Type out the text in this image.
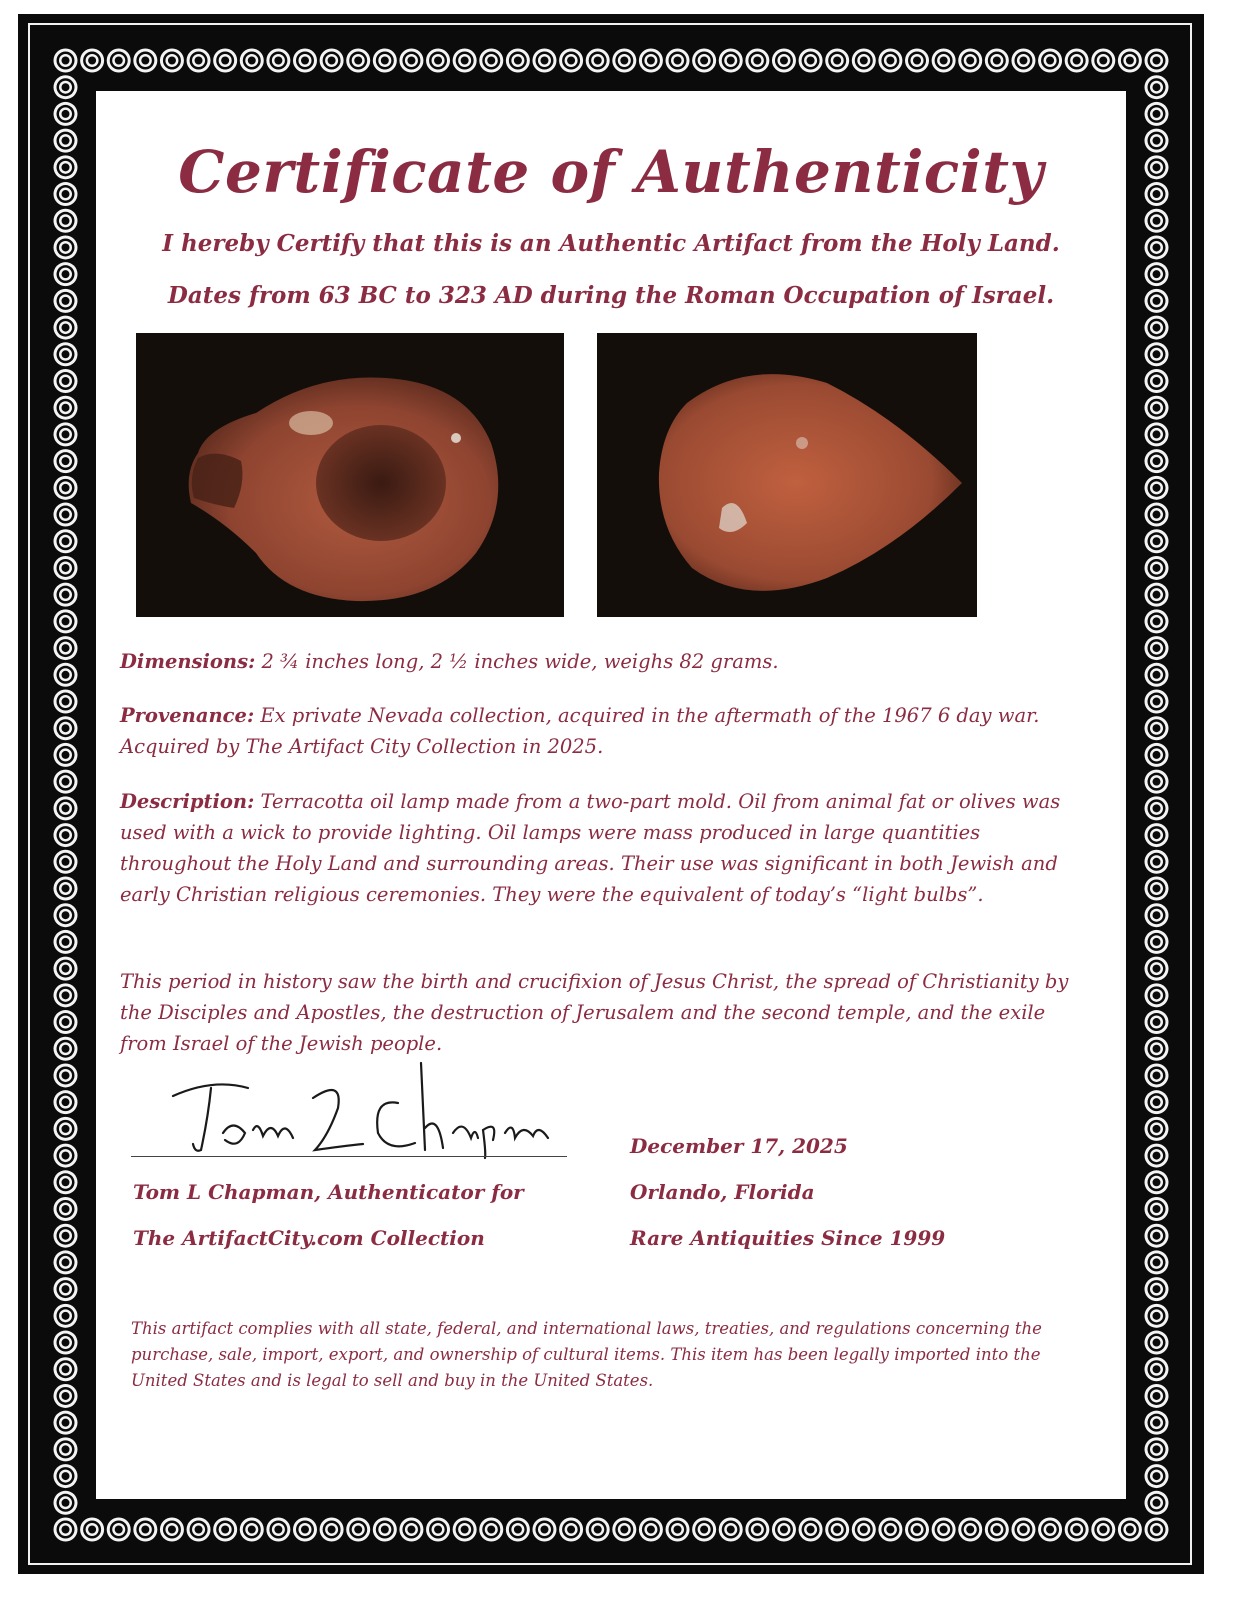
Certificate of Authenticity
I hereby Certify that this is an Authentic Artifact from the Holy Land.
Dates from 63 BC to 323 AD during the Roman Occupation of Israel.
Dimensions: 2 ¾ inches long, 2 ½ inches wide, weighs 82 grams.
Provenance: Ex private Nevada collection, acquired in the aftermath of the 1967 6 day war. Acquired by The Artifact City Collection in 2025.
Description: Terracotta oil lamp made from a two-part mold. Oil from animal fat or olives was used with a wick to provide lighting. Oil lamps were mass produced in large quantities throughout the Holy Land and surrounding areas. Their use was significant in both Jewish and early Christian religious ceremonies. They were the equivalent of today’s “light bulbs”.
This period in history saw the birth and crucifixion of Jesus Christ, the spread of Christianity by the Disciples and Apostles, the destruction of Jerusalem and the second temple, and the exile from Israel of the Jewish people.
Tom L Chapman, Authenticator for
The ArtifactCity.com Collection
December 17, 2025
Orlando, Florida
Rare Antiquities Since 1999
This artifact complies with all state, federal, and international laws, treaties, and regulations concerning the purchase, sale, import, export, and ownership of cultural items. This item has been legally imported into the United States and is legal to sell and buy in the United States.
